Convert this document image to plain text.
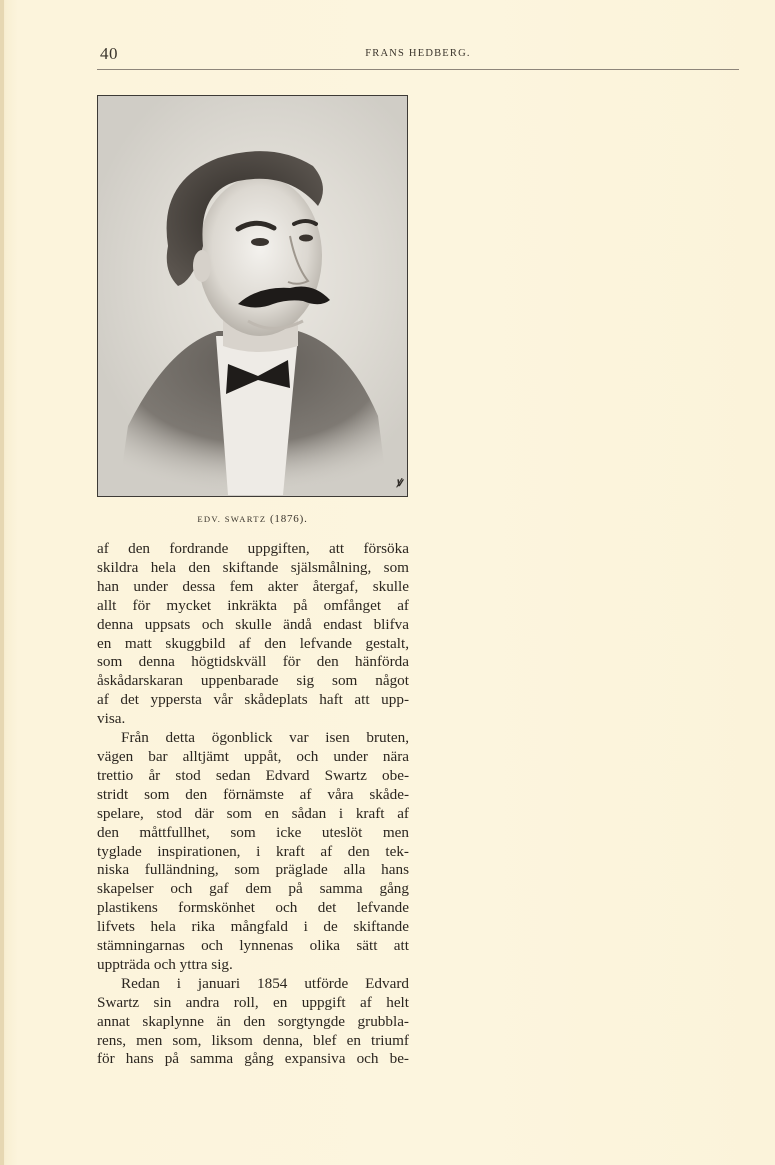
40	FRANS HEDBERG.
ꝟ
EDV. SWARTZ (1876).
af den fordrande uppgiften, att försöka
skildra hela den skiftande själsmålning, som
han under dessa fem akter återgaf, skulle
allt för mycket inkräkta på omfånget af
denna uppsats och skulle ändå endast blifva
en matt skuggbild af den lefvande gestalt,
som denna högtidskväll för den hänförda
åskådarskaran uppenbarade sig som något
af det yppersta vår skådeplats haft att upp-
visa.
Från detta ögonblick var isen bruten,
vägen bar alltjämt uppåt, och under nära
trettio år stod sedan Edvard Swartz obe-
stridt som den förnämste af våra skåde-
spelare, stod där som en sådan i kraft af
den måttfullhet, som icke uteslöt men
tyglade inspirationen, i kraft af den tek-
niska fulländning, som präglade alla hans
skapelser och gaf dem på samma gång
plastikens formskönhet och det lefvande
lifvets hela rika mångfald i de skiftande
stämningarnas och lynnenas olika sätt att
uppträda och yttra sig.
Redan i januari 1854 utförde Edvard
Swartz sin andra roll, en uppgift af helt
annat skaplynne än den sorgtyngde grubbla-
rens, men som, liksom denna, blef en triumf
för hans på samma gång expansiva och be-
